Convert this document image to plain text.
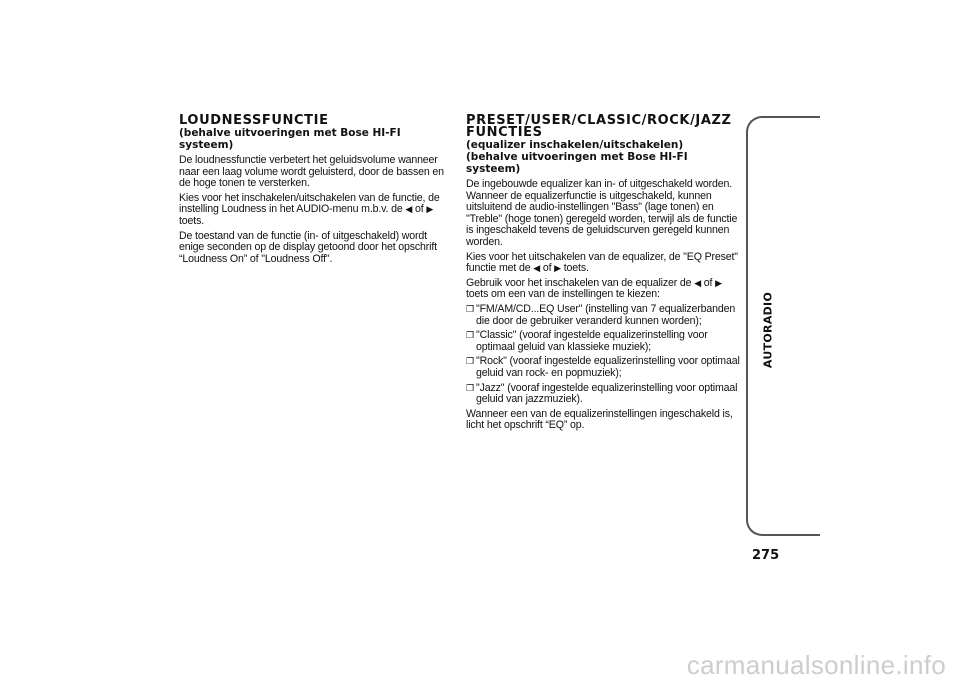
LOUDNESSFUNCTIE
(behalve uitvoeringen met Bose HI-FI systeem)

De loudnessfunctie verbetert het geluidsvolume wanneer naar een laag volume wordt geluisterd, door de bassen en de hoge tonen te versterken.

Kies voor het inschakelen/uitschakelen van de functie, de instelling Loudness in het AUDIO-menu m.b.v. de ◀ of ▶ toets.

De toestand van de functie (in- of uitgeschakeld) wordt enige seconden op de display getoond door het opschrift “Loudness On” of "Loudness Off".

PRESET/USER/CLASSIC/ROCK/JAZZ FUNCTIES
(equalizer inschakelen/uitschakelen)
(behalve uitvoeringen met Bose HI-FI systeem)

De ingebouwde equalizer kan in- of uitgeschakeld worden. Wanneer de equalizerfunctie is uitgeschakeld, kunnen uitsluitend de audio-instellingen "Bass" (lage tonen) en "Treble" (hoge tonen) geregeld worden, terwijl als de functie is ingeschakeld tevens de geluidscurven geregeld kunnen worden.

Kies voor het uitschakelen van de equalizer, de "EQ Preset" functie met de ◀ of ▶ toets.

Gebruik voor het inschakelen van de equalizer de ◀ of ▶ toets om een van de instellingen te kiezen:

❒ "FM/AM/CD...EQ User" (instelling van 7 equalizerbanden die door de gebruiker veranderd kunnen worden);
❒ "Classic" (vooraf ingestelde equalizerinstelling voor optimaal geluid van klassieke muziek);
❒ "Rock" (vooraf ingestelde equalizerinstelling voor optimaal geluid van rock- en popmuziek);
❒ "Jazz" (vooraf ingestelde equalizerinstelling voor optimaal geluid van jazzmuziek).

Wanneer een van de equalizerinstellingen ingeschakeld is, licht het opschrift “EQ” op.

AUTORADIO
275
carmanualsonline.info
